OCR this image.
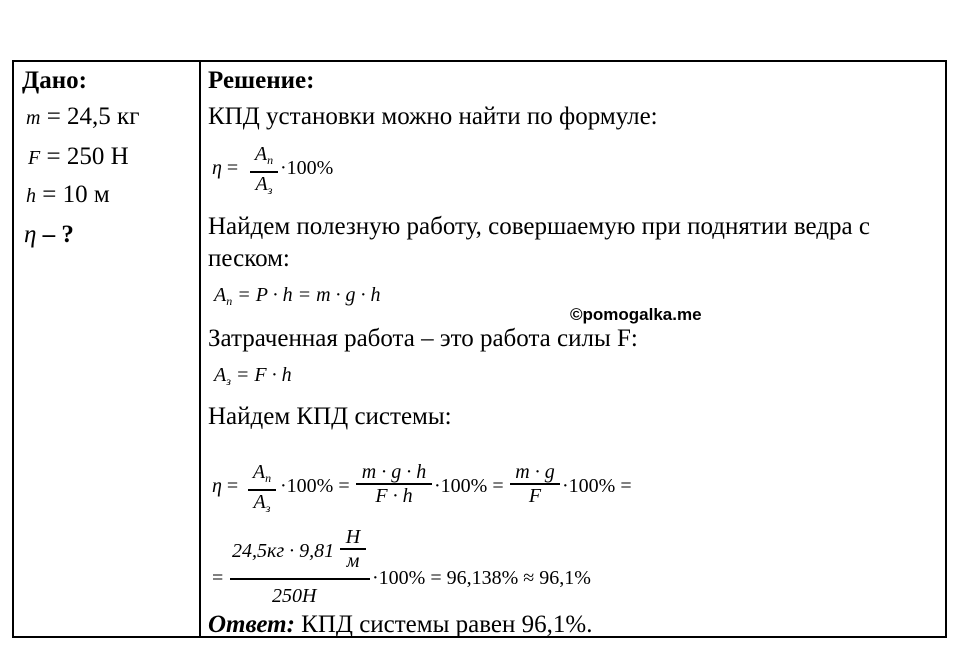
Дано:
m = 24,5 кг
F = 250 Н
h = 10 м
η – ?
Решение:
КПД установки можно найти по формуле:
η =
$A_п$
$A_з$
·100%
Найдем полезную работу, совершаемую при поднятии ведра с
песком:
$A_п = P \cdot h = m \cdot g \cdot h$
©pomogalka.me
Затраченная работа – это работа силы F:
$A_з = F \cdot h$
Найдем КПД системы:
η =
$A_п$
$A_з$
·100% =
m · g · h
F · h	·100% =
m · g
F	·100% =
=
24,5кг · 9,81
Н
м
250Н
·100% = 96,138% ≈ 96,1%
Ответ: КПД системы равен 96,1%.
